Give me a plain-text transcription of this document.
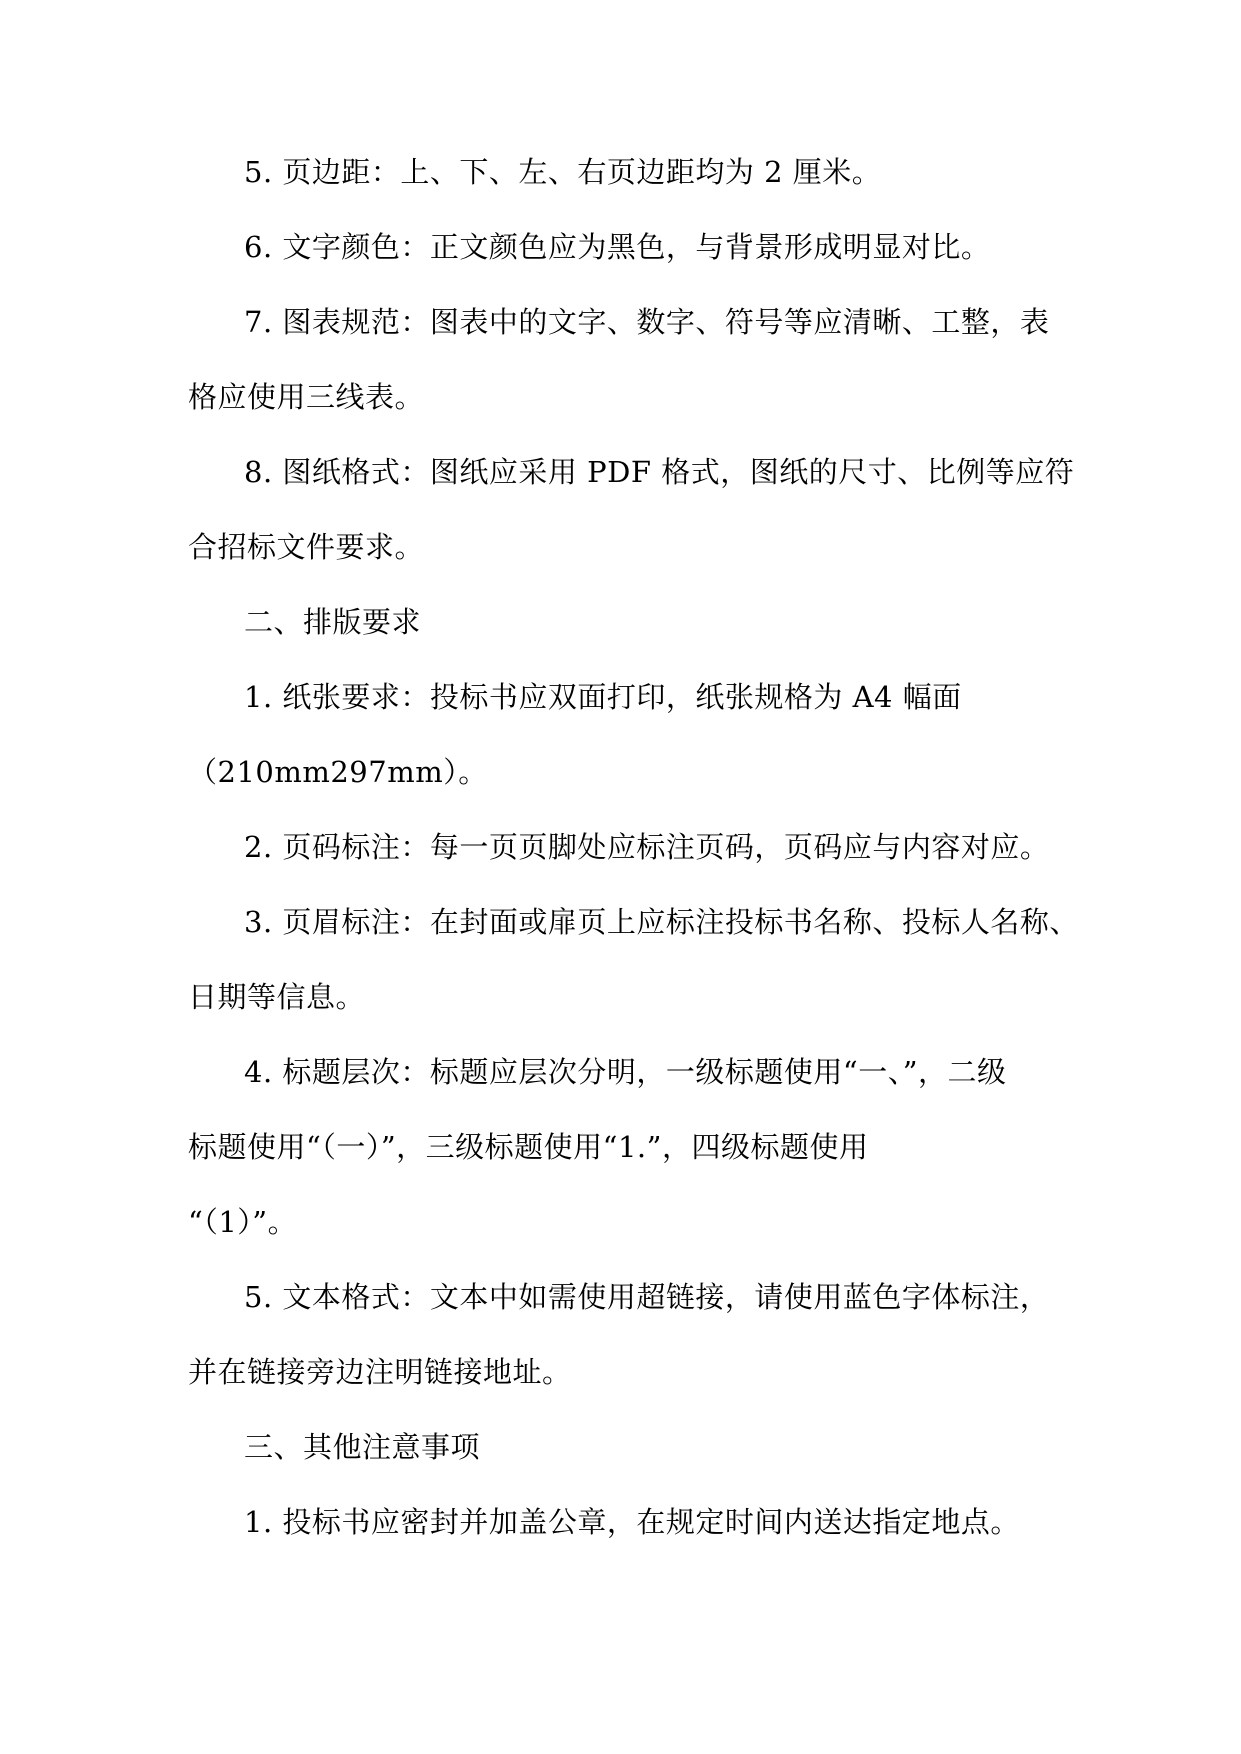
5. 页边距：上、下、左、右页边距均为 2 厘米。
6. 文字颜色：正文颜色应为黑色，与背景形成明显对比。
7. 图表规范：图表中的文字、数字、符号等应清晰、工整，表
格应使用三线表。
8. 图纸格式：图纸应采用 PDF 格式，图纸的尺寸、比例等应符
合招标文件要求。
二、排版要求
1. 纸张要求：投标书应双面打印，纸张规格为 A4 幅面
（210mm297mm）。
2. 页码标注：每一页页脚处应标注页码，页码应与内容对应。
3. 页眉标注：在封面或扉页上应标注投标书名称、投标人名称、
日期等信息。
4. 标题层次：标题应层次分明，一级标题使用“一、”，二级
标题使用“（一）”，三级标题使用“1.”，四级标题使用
“（1）”。
5. 文本格式：文本中如需使用超链接，请使用蓝色字体标注，
并在链接旁边注明链接地址。
三、其他注意事项
1. 投标书应密封并加盖公章，在规定时间内送达指定地点。
